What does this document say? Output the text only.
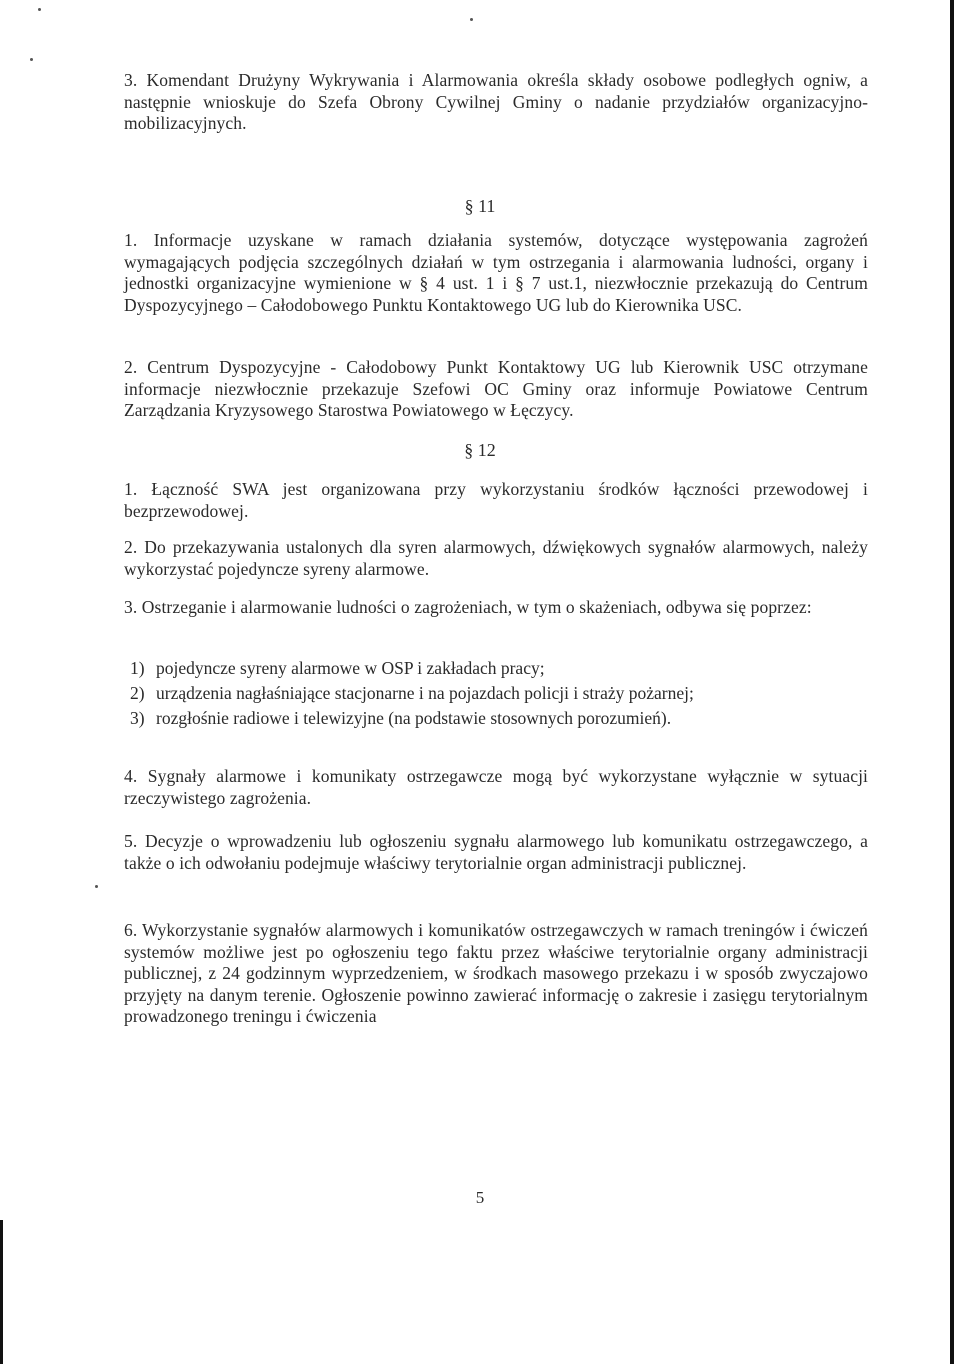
3. Komendant Drużyny Wykrywania i Alarmowania określa składy osobowe podległych ogniw, a następnie wnioskuje do Szefa Obrony Cywilnej Gminy o nadanie przydziałów organizacyjno-mobilizacyjnych.

§ 11

1. Informacje uzyskane w ramach działania systemów, dotyczące występowania zagrożeń wymagających podjęcia szczególnych działań w tym ostrzegania i alarmowania ludności, organy i jednostki organizacyjne wymienione w § 4 ust. 1 i § 7 ust.1, niezwłocznie przekazują do Centrum Dyspozycyjnego – Całodobowego Punktu Kontaktowego UG lub do Kierownika USC.

2. Centrum Dyspozycyjne - Całodobowy Punkt Kontaktowy UG lub Kierownik USC otrzymane informacje niezwłocznie przekazuje Szefowi OC Gminy oraz informuje Powiatowe Centrum Zarządzania Kryzysowego Starostwa Powiatowego w Łęczycy.

§ 12

1. Łączność SWA jest organizowana przy wykorzystaniu środków łączności przewodowej i bezprzewodowej.

2. Do przekazywania ustalonych dla syren alarmowych, dźwiękowych sygnałów alarmowych, należy wykorzystać pojedyncze syreny alarmowe.

3. Ostrzeganie i alarmowanie ludności o zagrożeniach, w tym o skażeniach, odbywa się poprzez:

1) pojedyncze syreny alarmowe w OSP i zakładach pracy;
2) urządzenia nagłaśniające stacjonarne i na pojazdach policji i straży pożarnej;
3) rozgłośnie radiowe i telewizyjne (na podstawie stosownych porozumień).

4. Sygnały alarmowe i komunikaty ostrzegawcze mogą być wykorzystane wyłącznie w sytuacji rzeczywistego zagrożenia.

5. Decyzje o wprowadzeniu lub ogłoszeniu sygnału alarmowego lub komunikatu ostrzegawczego, a także o ich odwołaniu podejmuje właściwy terytorialnie organ administracji publicznej.

6. Wykorzystanie sygnałów alarmowych i komunikatów ostrzegawczych w ramach treningów i ćwiczeń systemów możliwe jest po ogłoszeniu tego faktu przez właściwe terytorialnie organy administracji publicznej, z 24 godzinnym wyprzedzeniem, w środkach masowego przekazu i w sposób zwyczajowo przyjęty na danym terenie. Ogłoszenie powinno zawierać informację o zakresie i zasięgu terytorialnym prowadzonego treningu i ćwiczenia

5
